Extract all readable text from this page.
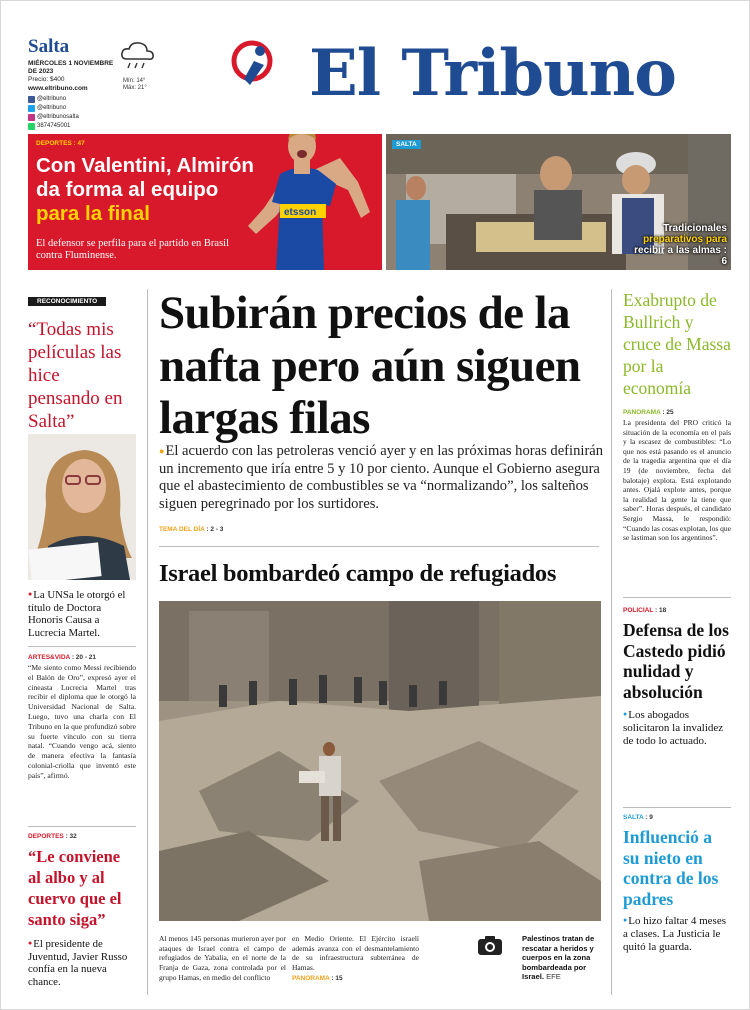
Salta
MIÉRCOLES 1 NOVIEMBRE DE 2023
Precio: $400
www.eltribuno.com
@eltribuno
@eltribuno
@eltribunosalta
3874745001
Mín: 14°
Máx: 21°	El Tribuno
DEPORTES : 47
Con Valentini, Almirón da forma al equipo para la final
El defensor se perfila para el partido en Brasil contra Fluminense.
etsson
SALTA
Tradicionales preparativos para recibir a las almas : 6
RECONOCIMIENTO
“Todas mis películas las hice pensando en Salta”
● La UNSa le otorgó el título de Doctora Honoris Causa a Lucrecia Martel.
ARTES&VIDA : 20 - 21
“Me siento como Messi recibiendo el Balón de Oro”, expresó ayer el cineasta Lucrecia Martel tras recibir el diploma que le otorgó la Universidad Nacional de Salta. Luego, tuvo una charla con El Tribuno en la que profundizó sobre su fuerte vínculo con su tierra natal. “Cuando vengo acá, siento de manera efectiva la fantasía colonial-criolla que inventó este país”, afirmó.
DEPORTES : 32
“Le conviene al albo y al cuervo que el santo siga”
● El presidente de Juventud, Javier Russo confía en la nueva chance.
Subirán precios de la nafta pero aún siguen largas filas
● El acuerdo con las petroleras venció ayer y en las próximas horas definirán un incremento que iría entre 5 y 10 por ciento. Aunque el Gobierno asegura que el abastecimiento de combustibles se va “normalizando”, los salteños siguen peregrinado por los surtidores.
TEMA DEL DÍA : 2 - 3
Israel bombardeó campo de refugiados
Al menos 145 personas murieron ayer por ataques de Israel contra el campo de refugiados de Yabalia, en el norte de la Franja de Gaza, zona controlada por el grupo Hamas, en medio del conflicto
en Medio Oriente. El Ejército israelí además avanza con el desmantelamiento de su infraestructura subterránea de Hamas.
PANORAMA : 15
Palestinos tratan de rescatar a heridos y cuerpos en la zona bombardeada por Israel. EFE
Exabrupto de Bullrich y cruce de Massa por la economía
PANORAMA : 25
La presidenta del PRO criticó la situación de la economía en el país y la escasez de combustibles: “Lo que nos está pasando es el anuncio de la tragedia argentina que el día 19 (de noviembre, fecha del balotaje) explota. Está explotando antes. Ojalá explote antes, porque la realidad la gente la tiene que saber”. Horas después, el candidato Sergio Massa, le respondió: “Cuando las cosas explotan, los que se lastiman son los argentinos”.
POLICIAL : 18
Defensa de los Castedo pidió nulidad y absolución
● Los abogados solicitaron la invalidez de todo lo actuado.
SALTA : 9
Influenció a su nieto en contra de los padres
● Lo hizo faltar 4 meses a clases. La Justicia le quitó la guarda.
